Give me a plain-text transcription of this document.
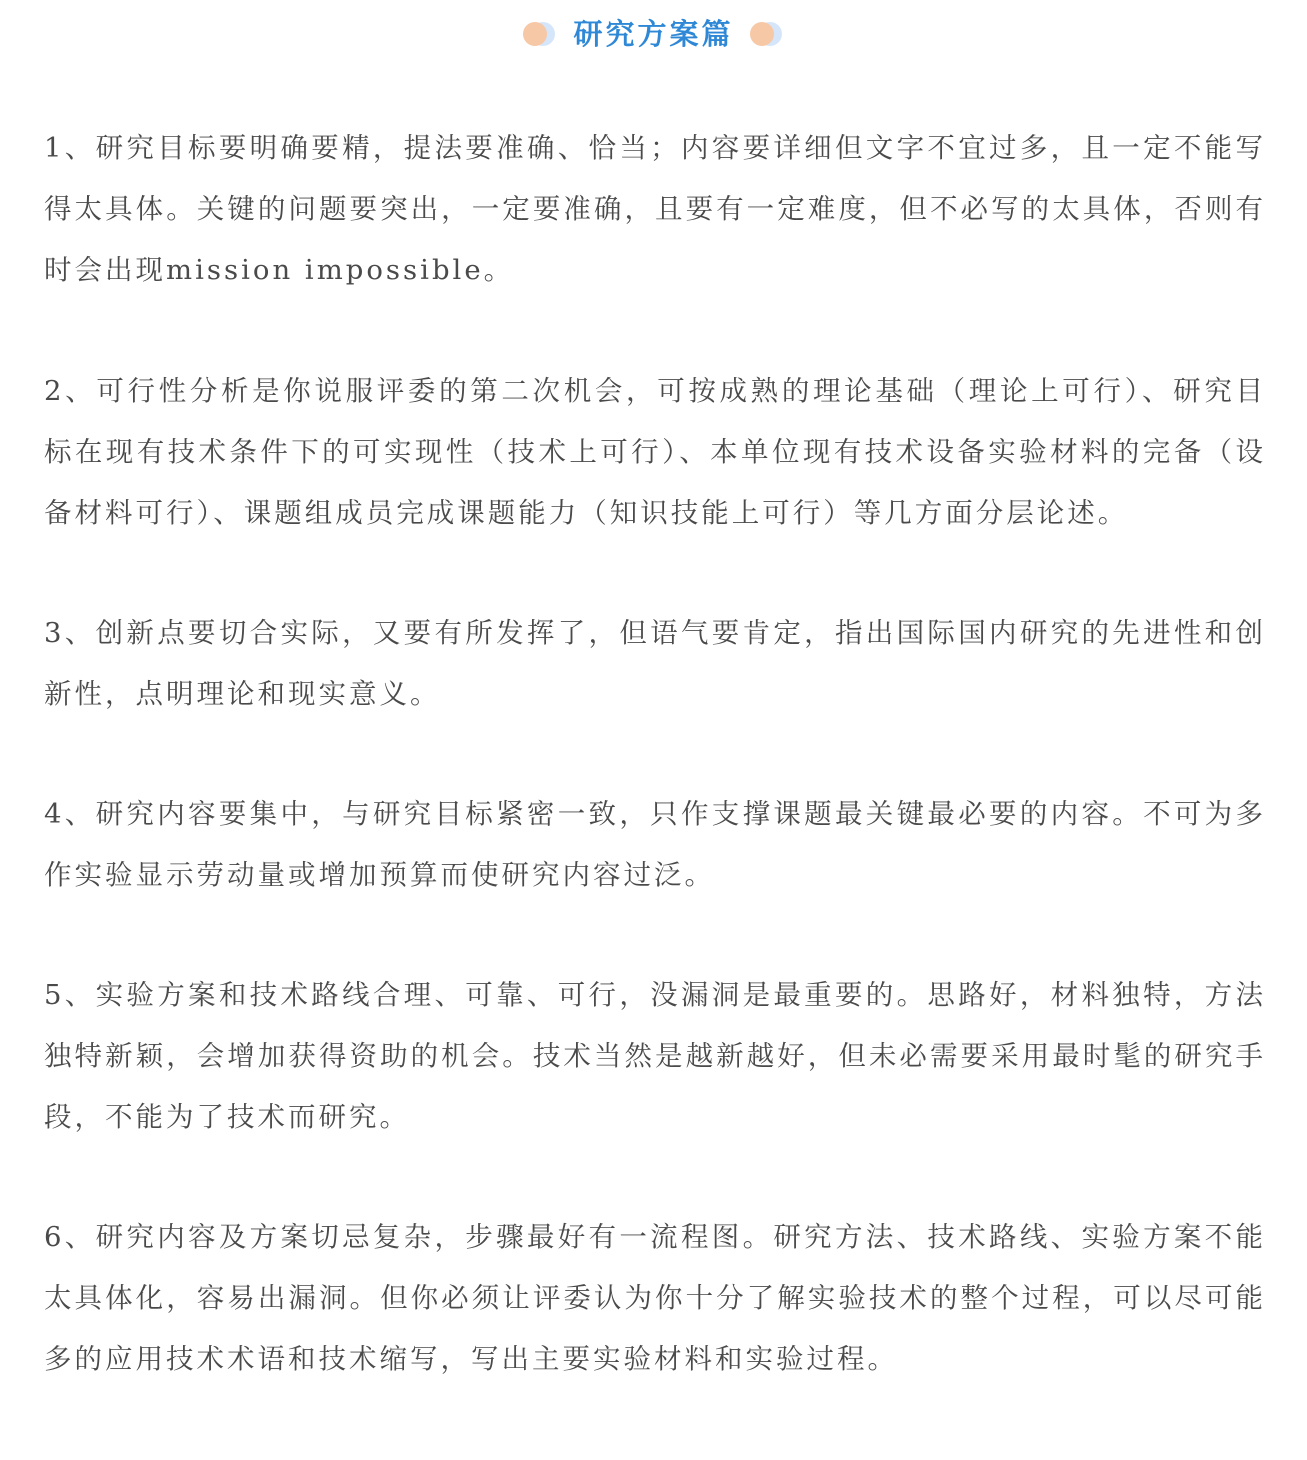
研究方案篇

1、研究目标要明确要精，提法要准确、恰当；内容要详细但文字不宜过多，且一定不能写得太具体。关键的问题要突出，一定要准确，且要有一定难度，但不必写的太具体，否则有时会出现mission impossible。

2、可行性分析是你说服评委的第二次机会，可按成熟的理论基础（理论上可行）、研究目标在现有技术条件下的可实现性（技术上可行）、本单位现有技术设备实验材料的完备（设备材料可行）、课题组成员完成课题能力（知识技能上可行）等几方面分层论述。

3、创新点要切合实际，又要有所发挥了，但语气要肯定，指出国际国内研究的先进性和创新性，点明理论和现实意义。

4、研究内容要集中，与研究目标紧密一致，只作支撑课题最关键最必要的内容。不可为多作实验显示劳动量或增加预算而使研究内容过泛。

5、实验方案和技术路线合理、可靠、可行，没漏洞是最重要的。思路好，材料独特，方法独特新颖，会增加获得资助的机会。技术当然是越新越好，但未必需要采用最时髦的研究手段，不能为了技术而研究。

6、研究内容及方案切忌复杂，步骤最好有一流程图。研究方法、技术路线、实验方案不能太具体化，容易出漏洞。但你必须让评委认为你十分了解实验技术的整个过程，可以尽可能多的应用技术术语和技术缩写，写出主要实验材料和实验过程。
